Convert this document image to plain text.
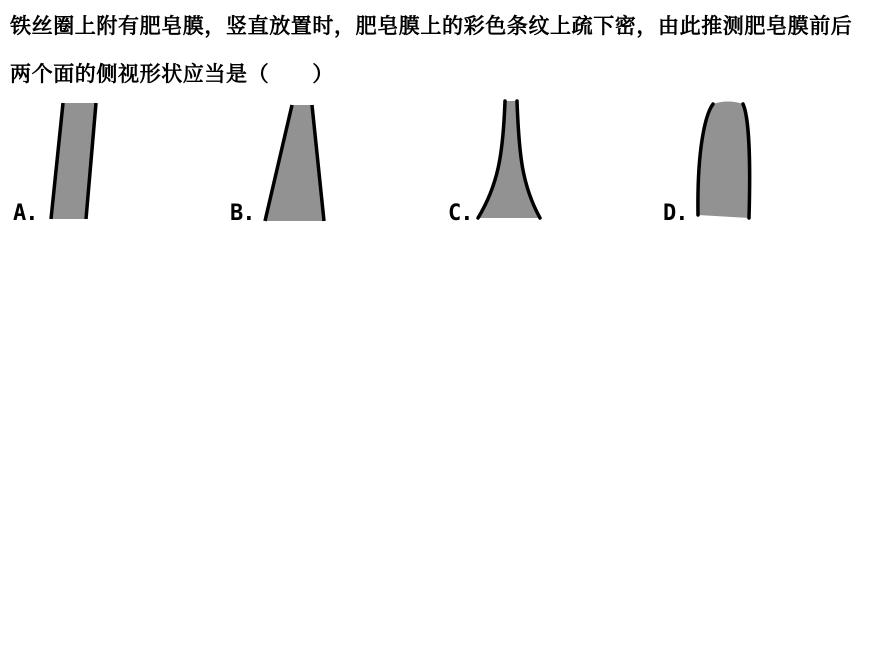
铁丝圈上附有肥皂膜，竖直放置时，肥皂膜上的彩色条纹上疏下密，由此推测肥皂膜前后
两个面的侧视形状应当是（　　）
A.	B.	C.	D.
